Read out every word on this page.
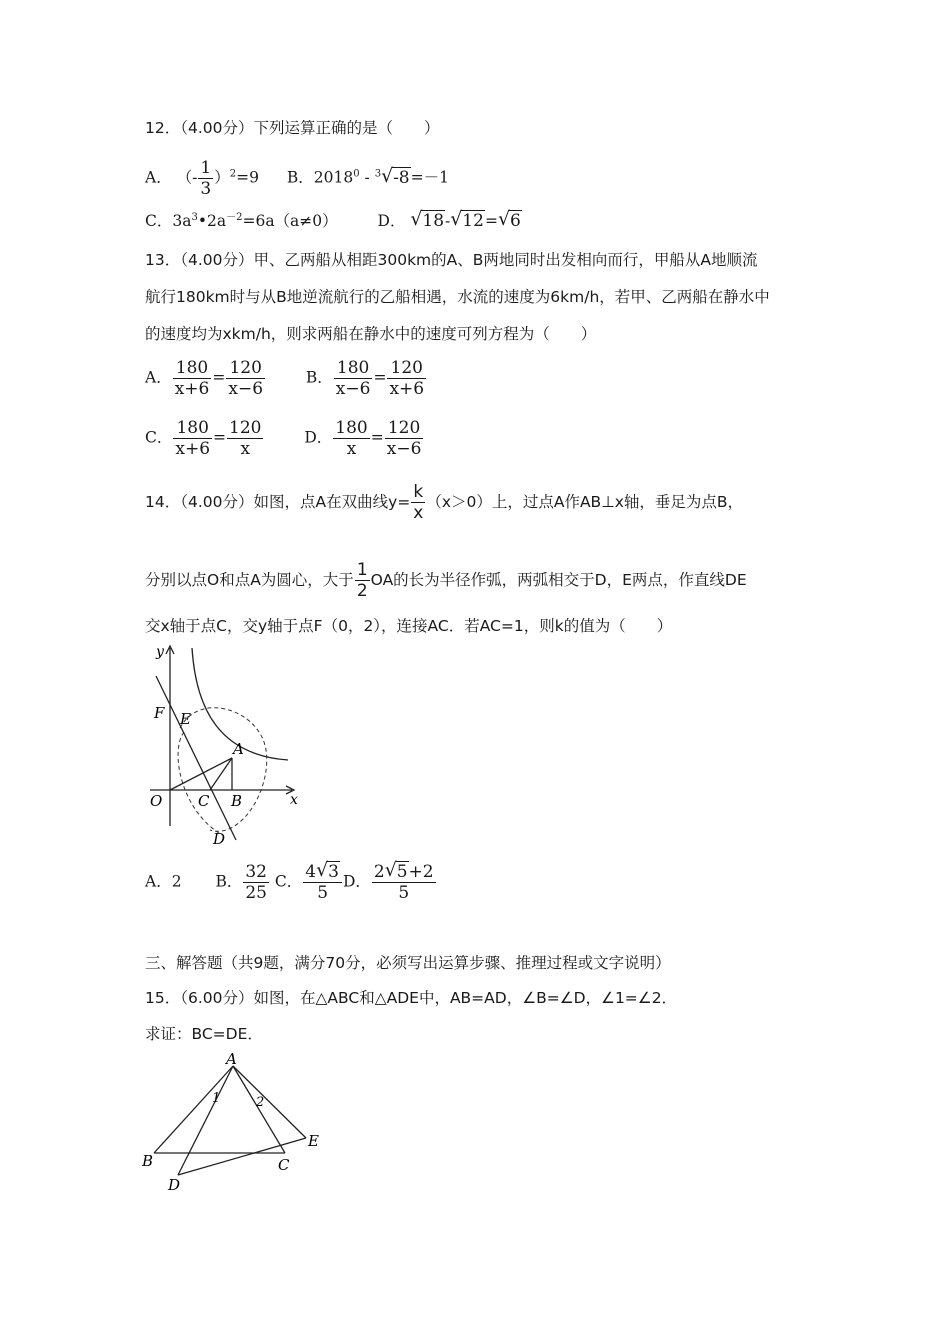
12．（4.00分）下列运算正确的是（　　）
A． （- $\frac{1}{3} )^2=9$ B．2018$^0$ - $^3$ √ -8=－1
C．$3a^3•2a^{-2}=6a(a\ne 0)$	D． √ 18- √ 12= √ 6
13．（4.00分）甲、乙两船从相距300km的A、B两地同时出发相向而行，甲船从A地顺流
航行180km时与从B地逆流航行的乙船相遇，水流的速度为6km/h，若甲、乙两船在静水中
的速度均为xkm/h，则求两船在静水中的速度可列方程为（　　）
A． $\frac{180}{x+6} = \frac{120}{x-6}$	B． $\frac{180}{x-6} = \frac{120}{x+6}$
C． $\frac{180}{x+6} = \frac{120}{x}$	D． $\frac{180}{x} = \frac{120}{x-6}$
14．（4.00分）如图，点A在双曲线$y= \frac{k}{x} (x>0)$上，过点A作AB⊥x轴，垂足为点B，
分别以点O和点A为圆心，大于 $\frac{1}{2}$ OA的长为半径作弧，两弧相交于D，E两点，作直线DE
交x轴于点C，交y轴于点F（0，2），连接AC．若AC=1，则k的值为（　　）
y
x
O
F E
A
C B
D
A．2 B． $\frac{32}{25}$ C． $\frac{4 √ 3}{5}$ D． $\frac{2 √ 5+2}{5}$
三、解答题（共9题，满分70分，必须写出运算步骤、推理过程或文字说明）
15．（6.00分）如图，在△ABC和△ADE中，AB=AD，∠B=∠D，∠1=∠2．
求证：BC=DE．
A
B	C
D
E
1	2
